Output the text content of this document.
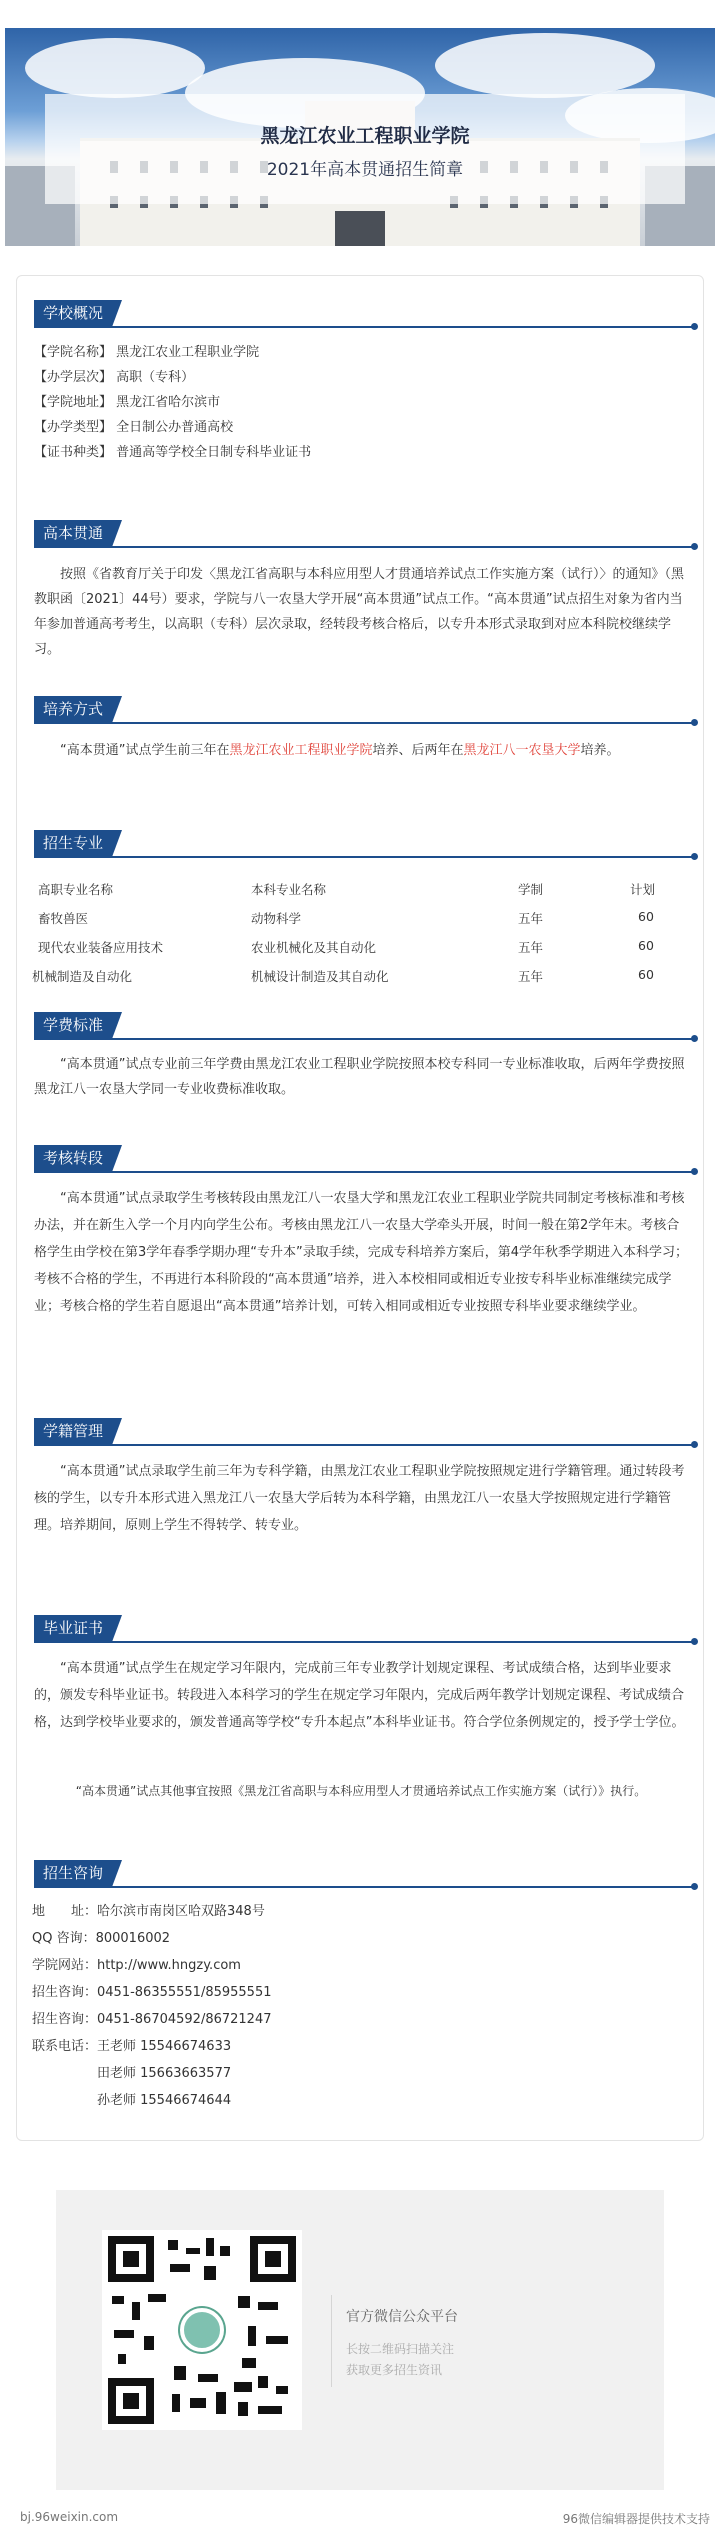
黑龙江农业工程职业学院
2021年高本贯通招生简章
学校概况
【学院名称】 黑龙江农业工程职业学院
【办学层次】 高职（专科）
【学院地址】 黑龙江省哈尔滨市
【办学类型】 全日制公办普通高校
【证书种类】 普通高等学校全日制专科毕业证书
高本贯通
按照《省教育厅关于印发〈黑龙江省高职与本科应用型人才贯通培养试点工作实施方案（试行）〉的通知》（黑教职函〔2021〕44号）要求，学院与八一农垦大学开展“高本贯通”试点工作。“高本贯通”试点招生对象为省内当年参加普通高考考生，以高职（专科）层次录取，经转段考核合格后，以专升本形式录取到对应本科院校继续学习。
培养方式
“高本贯通”试点学生前三年在黑龙江农业工程职业学院培养、后两年在黑龙江八一农垦大学培养。
招生专业
高职专业名称	本科专业名称	学制	计划
畜牧兽医	动物科学	五年	60
现代农业装备应用技术	农业机械化及其自动化	五年	60
机械制造及自动化	机械设计制造及其自动化	五年	60
学费标准
“高本贯通”试点专业前三年学费由黑龙江农业工程职业学院按照本校专科同一专业标准收取，后两年学费按照黑龙江八一农垦大学同一专业收费标准收取。
考核转段
“高本贯通”试点录取学生考核转段由黑龙江八一农垦大学和黑龙江农业工程职业学院共同制定考核标准和考核办法，并在新生入学一个月内向学生公布。考核由黑龙江八一农垦大学牵头开展，时间一般在第2学年末。考核合格学生由学校在第3学年春季学期办理“专升本”录取手续，完成专科培养方案后，第4学年秋季学期进入本科学习；考核不合格的学生，不再进行本科阶段的“高本贯通”培养，进入本校相同或相近专业按专科毕业标准继续完成学业；考核合格的学生若自愿退出“高本贯通”培养计划，可转入相同或相近专业按照专科毕业要求继续学业。
学籍管理
“高本贯通”试点录取学生前三年为专科学籍，由黑龙江农业工程职业学院按照规定进行学籍管理。通过转段考核的学生，以专升本形式进入黑龙江八一农垦大学后转为本科学籍，由黑龙江八一农垦大学按照规定进行学籍管理。培养期间，原则上学生不得转学、转专业。
毕业证书
“高本贯通”试点学生在规定学习年限内，完成前三年专业教学计划规定课程、考试成绩合格，达到毕业要求的，颁发专科毕业证书。转段进入本科学习的学生在规定学习年限内，完成后两年教学计划规定课程、考试成绩合格，达到学校毕业要求的，颁发普通高等学校“专升本起点”本科毕业证书。符合学位条例规定的，授予学士学位。
“高本贯通”试点其他事宜按照《黑龙江省高职与本科应用型人才贯通培养试点工作实施方案（试行）》执行。
招生咨询
地　　址：哈尔滨市南岗区哈双路348号
QQ 咨询：800016002
学院网站：http://www.hngzy.com
招生咨询：0451-86355551/85955551
招生咨询：0451-86704592/86721247
联系电话：王老师 15546674633
　　　　　田老师 15663663577
　　　　　孙老师 15546674644
官方微信公众平台
长按二维码扫描关注
获取更多招生资讯
bj.96weixin.com	96微信编辑器提供技术支持
